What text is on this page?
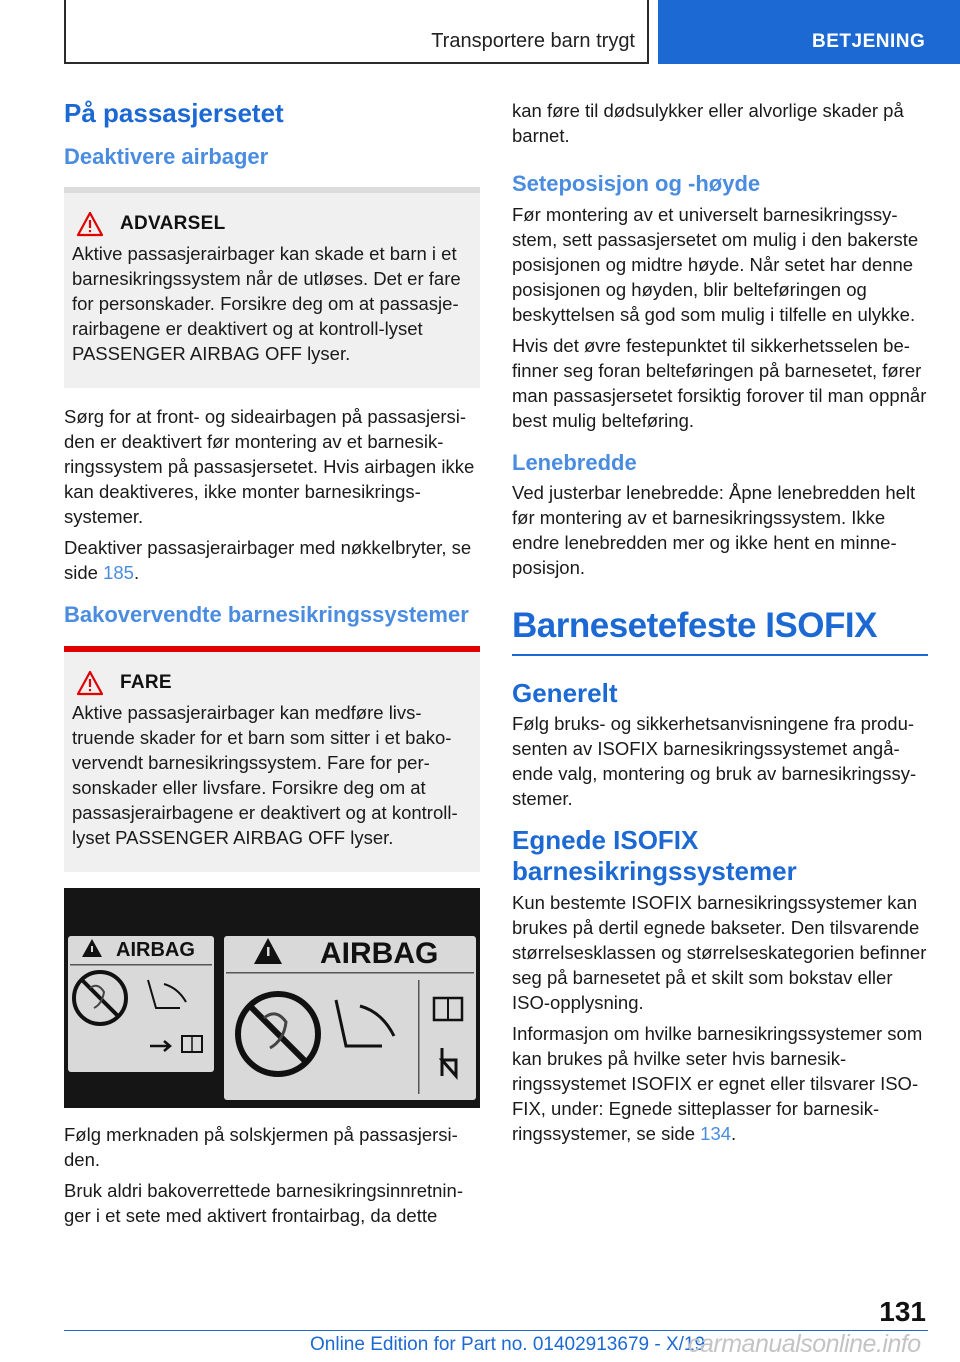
Transportere barn trygt	BETJENING
På passasjersetet
Deaktivere airbager
ADVARSEL

Aktive passasjerairbager kan skade et barn i et barnesikringssystem når de utløses. Det er fare for personskader. Forsikre deg om at passasjerairbagene er deaktivert og at kontroll-lyset PASSENGER AIRBAG OFF lyser.

Sørg for at front- og sideairbagen på passasjersiden er deaktivert før montering av et barnesikringssystem på passasjersetet. Hvis airbagen ikke kan deaktiveres, ikke monter barnesikringssystemer.

Deaktiver passasjerairbager med nøkkelbryter, se side 185.

Bakovervendte barnesikringssystemer
FARE

Aktive passasjerairbager kan medføre livstruende skader for et barn som sitter i et bakovervendt barnesikringssystem. Fare for personskader eller livsfare. Forsikre deg om at passasjerairbagene er deaktivert og at kontrolllyset PASSENGER AIRBAG OFF lyser.

AIRBAG	AIRBAG

Følg merknaden på solskjermen på passasjersiden.

Bruk aldri bakoverrettede barnesikringsinnretninger i et sete med aktivert frontairbag, da dette

kan føre til dødsulykker eller alvorlige skader på barnet.

Seteposisjon og -høyde

Før montering av et universelt barnesikringssystem, sett passasjersetet om mulig i den bakerste posisjonen og midtre høyde. Når setet har denne posisjonen og høyden, blir belteføringen og beskyttelsen så god som mulig i tilfelle en ulykke.

Hvis det øvre festepunktet til sikkerhetsselen befinner seg foran belteføringen på barnesetet, fører man passasjersetet forsiktig forover til man oppnår best mulig belteføring.

Lenebredde

Ved justerbar lenebredde: Åpne lenebredden helt før montering av et barnesikringssystem. Ikke endre lenebredden mer og ikke hent en minne-posisjon.

Barnesetefeste ISOFIX
Generelt

Følg bruks- og sikkerhetsanvisningene fra produsenten av ISOFIX barnesikringssystemet angående valg, montering og bruk av barnesikringssystemer.

Egnede ISOFIX barnesikringssystemer

Kun bestemte ISOFIX barnesikringssystemer kan brukes på dertil egnede bakseter. Den tilsvarende størrelsesklassen og størrelseskategorien befinner seg på barnesetet på et skilt som bokstav eller ISO-opplysning.

Informasjon om hvilke barnesikringssystemer som kan brukes på hvilke seter hvis barnesikringssystemet ISOFIX er egnet eller tilsvarer ISOFIX, under: Egnede sitteplasser for barnesikringssystemer, se side 134.

131
Online Edition for Part no. 01402913679 - X/19
carmanualsonline.info
